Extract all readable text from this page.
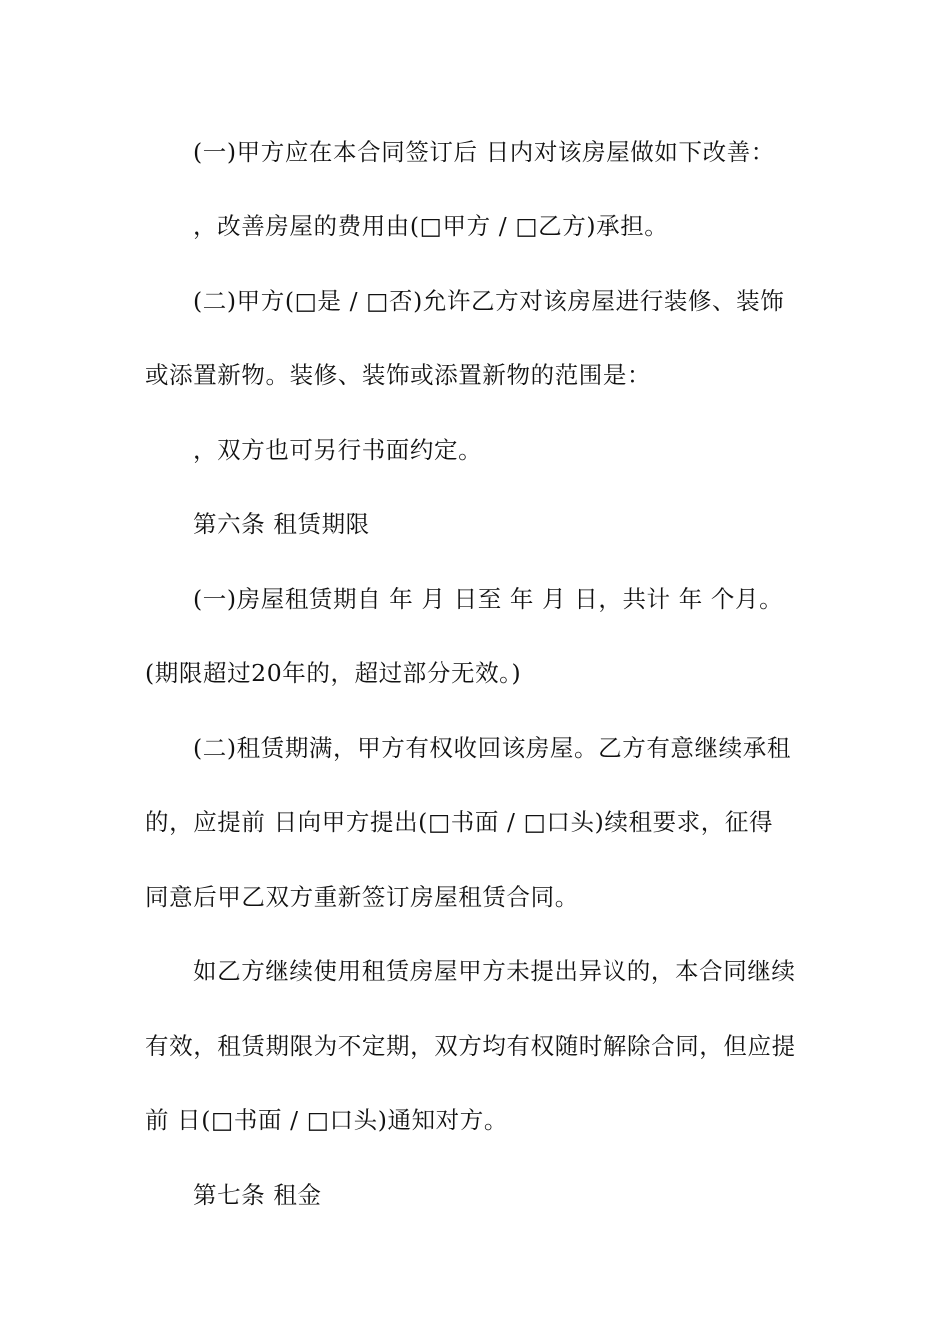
(一)甲方应在本合同签订后 日内对该房屋做如下改善：
，改善房屋的费用由(□甲方 / □乙方)承担。
(二)甲方(□是 / □否)允许乙方对该房屋进行装修、装饰
或添置新物。装修、装饰或添置新物的范围是：
，双方也可另行书面约定。
第六条 租赁期限
(一)房屋租赁期自 年 月 日至 年 月 日，共计 年 个月。
(期限超过20年的，超过部分无效。)
(二)租赁期满，甲方有权收回该房屋。乙方有意继续承租
的，应提前 日向甲方提出(□书面 / □口头)续租要求，征得
同意后甲乙双方重新签订房屋租赁合同。
如乙方继续使用租赁房屋甲方未提出异议的，本合同继续
有效，租赁期限为不定期，双方均有权随时解除合同，但应提
前 日(□书面 / □口头)通知对方。
第七条 租金
